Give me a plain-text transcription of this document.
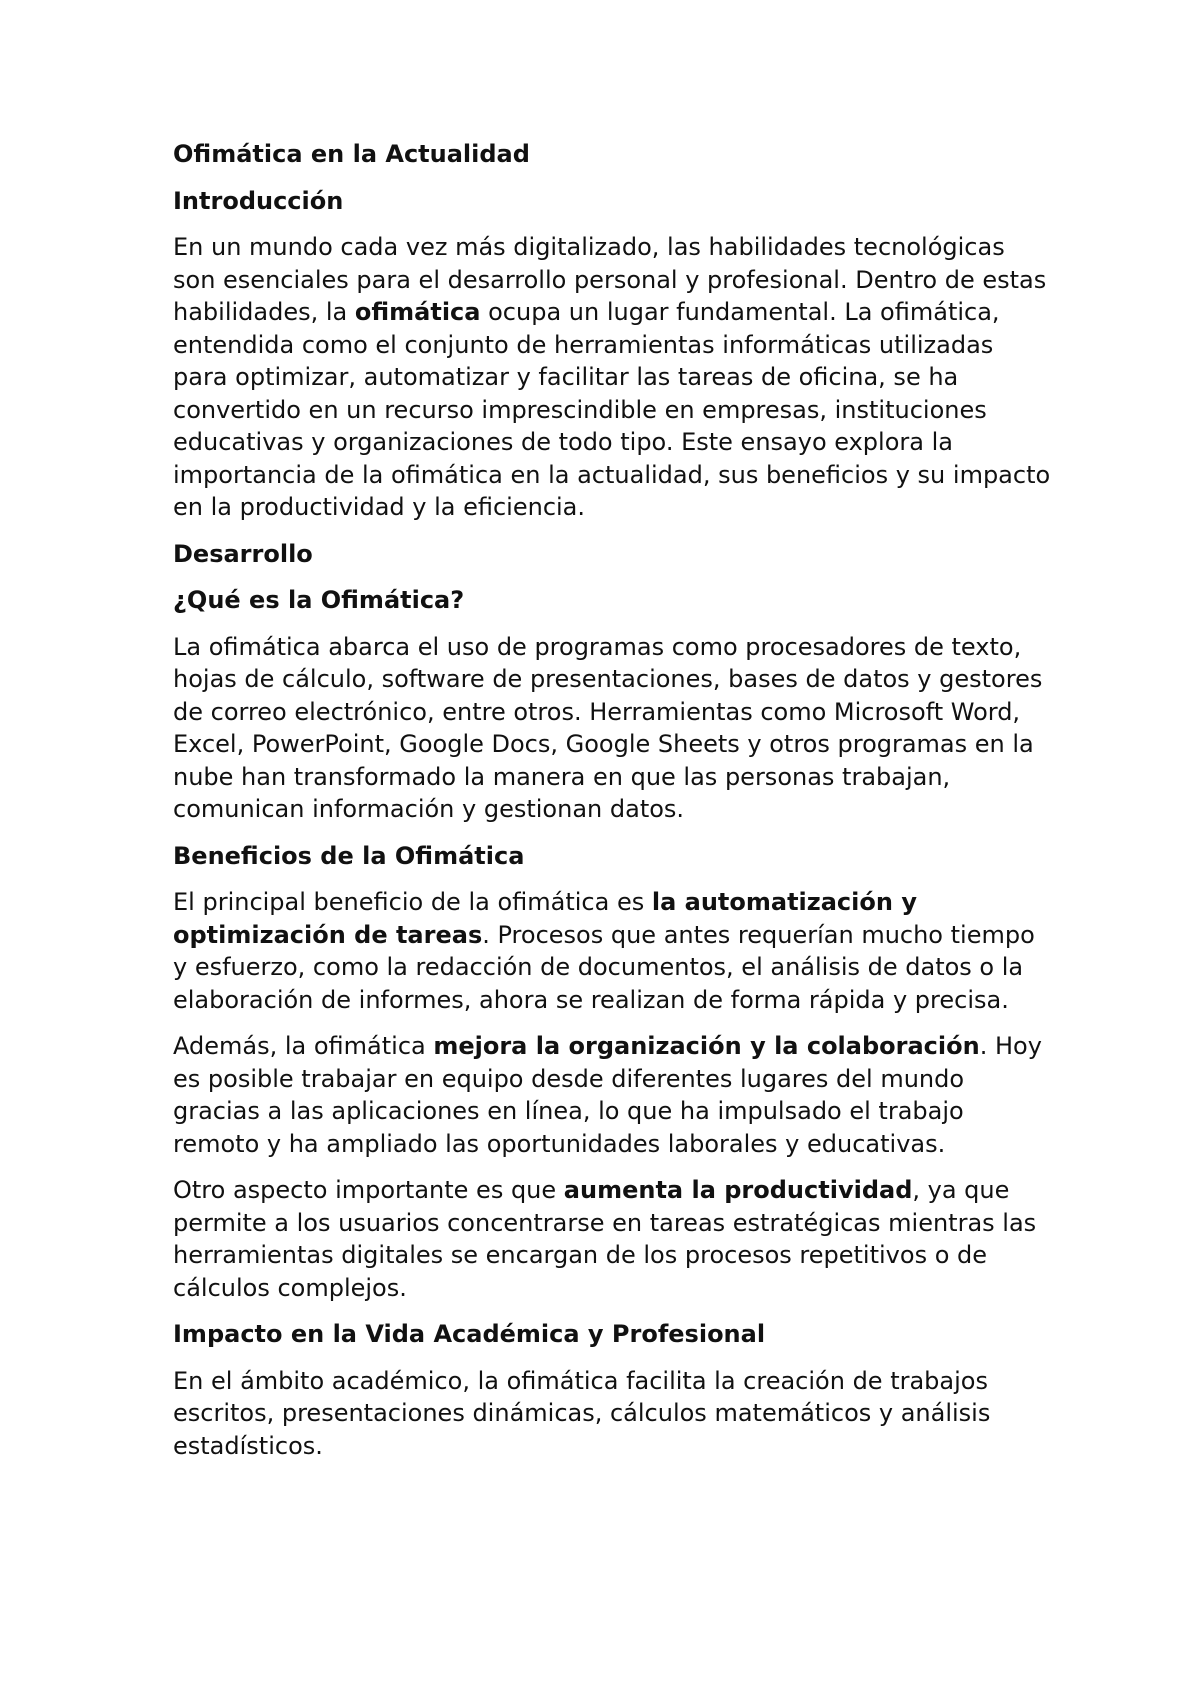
Ofimática en la Actualidad
Introducción
En un mundo cada vez más digitalizado, las habilidades tecnológicas son esenciales para el desarrollo personal y profesional. Dentro de estas habilidades, la ofimática ocupa un lugar fundamental. La ofimática, entendida como el conjunto de herramientas informáticas utilizadas para optimizar, automatizar y facilitar las tareas de oficina, se ha convertido en un recurso imprescindible en empresas, instituciones educativas y organizaciones de todo tipo. Este ensayo explora la importancia de la ofimática en la actualidad, sus beneficios y su impacto en la productividad y la eficiencia.
Desarrollo
¿Qué es la Ofimática?
La ofimática abarca el uso de programas como procesadores de texto, hojas de cálculo, software de presentaciones, bases de datos y gestores de correo electrónico, entre otros. Herramientas como Microsoft Word, Excel, PowerPoint, Google Docs, Google Sheets y otros programas en la nube han transformado la manera en que las personas trabajan, comunican información y gestionan datos.
Beneficios de la Ofimática
El principal beneficio de la ofimática es la automatización y optimización de tareas. Procesos que antes requerían mucho tiempo y esfuerzo, como la redacción de documentos, el análisis de datos o la elaboración de informes, ahora se realizan de forma rápida y precisa.
Además, la ofimática mejora la organización y la colaboración. Hoy es posible trabajar en equipo desde diferentes lugares del mundo gracias a las aplicaciones en línea, lo que ha impulsado el trabajo remoto y ha ampliado las oportunidades laborales y educativas.
Otro aspecto importante es que aumenta la productividad, ya que permite a los usuarios concentrarse en tareas estratégicas mientras las herramientas digitales se encargan de los procesos repetitivos o de cálculos complejos.
Impacto en la Vida Académica y Profesional
En el ámbito académico, la ofimática facilita la creación de trabajos escritos, presentaciones dinámicas, cálculos matemáticos y análisis estadísticos.
